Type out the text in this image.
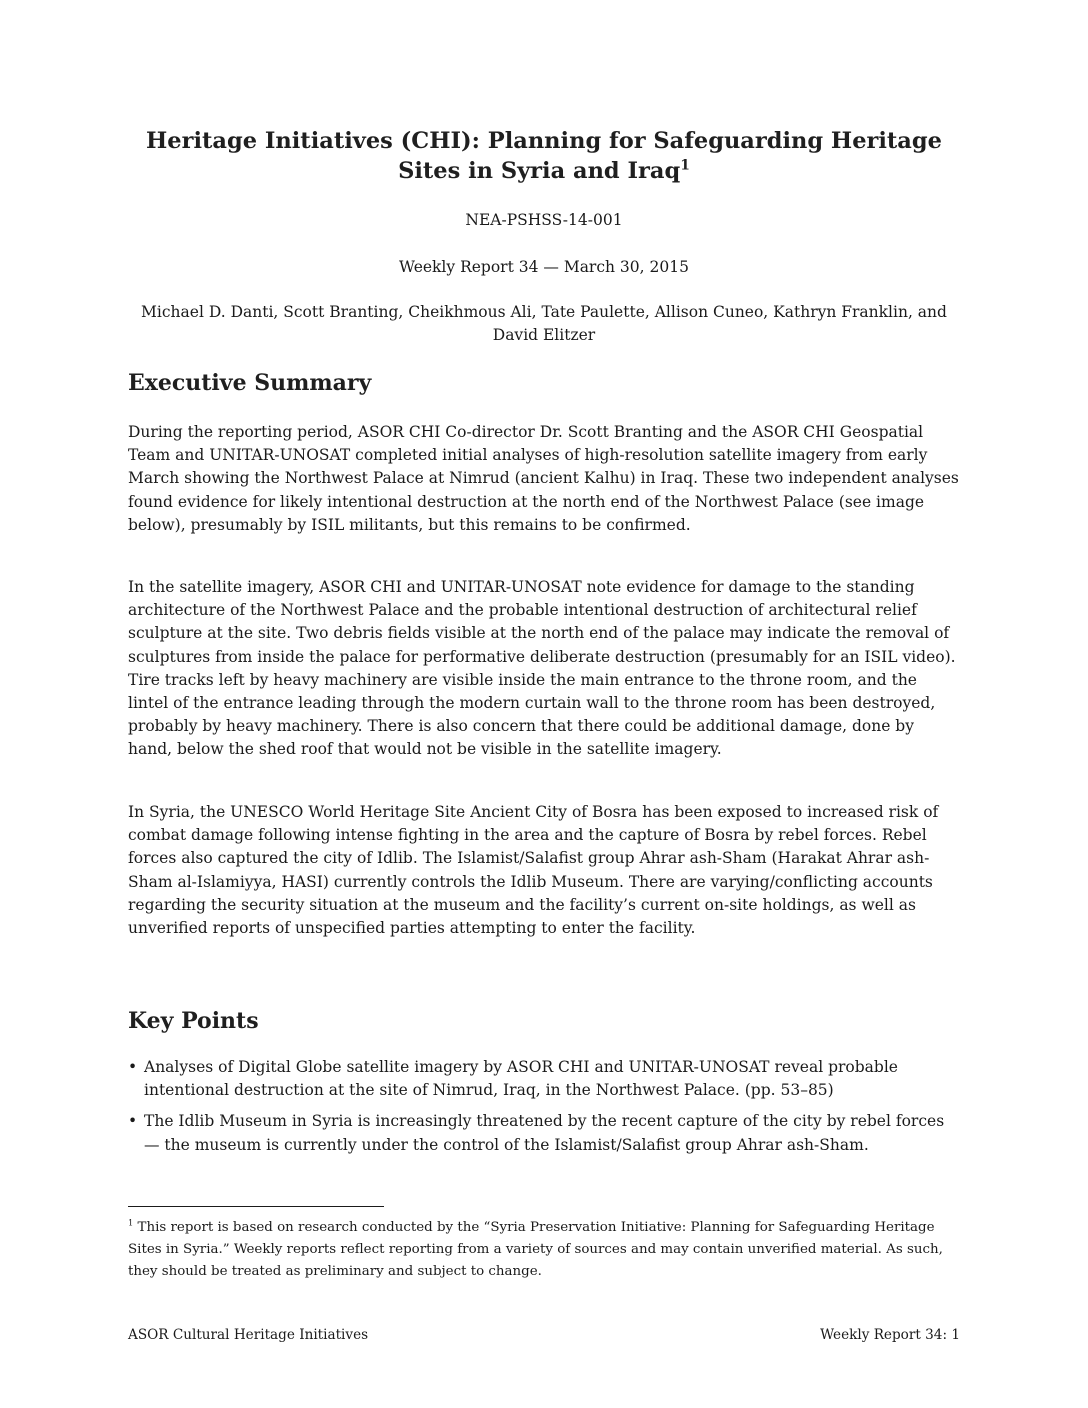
Heritage Initiatives (CHI): Planning for Safeguarding Heritage Sites in Syria and Iraq$^1$

NEA-PSHSS-14-001

Weekly Report 34 — March 30, 2015

Michael D. Danti, Scott Branting, Cheikhmous Ali, Tate Paulette, Allison Cuneo, Kathryn Franklin, and David Elitzer

Executive Summary

During the reporting period, ASOR CHI Co-director Dr. Scott Branting and the ASOR CHI Geospatial Team and UNITAR-UNOSAT completed initial analyses of high-resolution satellite imagery from early March showing the Northwest Palace at Nimrud (ancient Kalhu) in Iraq. These two independent analyses found evidence for likely intentional destruction at the north end of the Northwest Palace (see image below), presumably by ISIL militants, but this remains to be confirmed.

In the satellite imagery, ASOR CHI and UNITAR-UNOSAT note evidence for damage to the standing architecture of the Northwest Palace and the probable intentional destruction of architectural relief sculpture at the site. Two debris fields visible at the north end of the palace may indicate the removal of sculptures from inside the palace for performative deliberate destruction (presumably for an ISIL video). Tire tracks left by heavy machinery are visible inside the main entrance to the throne room, and the lintel of the entrance leading through the modern curtain wall to the throne room has been destroyed, probably by heavy machinery. There is also concern that there could be additional damage, done by hand, below the shed roof that would not be visible in the satellite imagery.

In Syria, the UNESCO World Heritage Site Ancient City of Bosra has been exposed to increased risk of combat damage following intense fighting in the area and the capture of Bosra by rebel forces. Rebel forces also captured the city of Idlib. The Islamist/Salafist group Ahrar ash-Sham (Harakat Ahrar ash-Sham al-Islamiyya, HASI) currently controls the Idlib Museum. There are varying/conflicting accounts regarding the security situation at the museum and the facility’s current on-site holdings, as well as unverified reports of unspecified parties attempting to enter the facility.

Key Points
• Analyses of Digital Globe satellite imagery by ASOR CHI and UNITAR-UNOSAT reveal probable intentional destruction at the site of Nimrud, Iraq, in the Northwest Palace. (pp. 53–85)
• The Idlib Museum in Syria is increasingly threatened by the recent capture of the city by rebel forces — the museum is currently under the control of the Islamist/Salafist group Ahrar ash-Sham.

$^1$ This report is based on research conducted by the “Syria Preservation Initiative: Planning for Safeguarding Heritage Sites in Syria.” Weekly reports reflect reporting from a variety of sources and may contain unverified material. As such, they should be treated as preliminary and subject to change.

ASOR Cultural Heritage Initiatives	Weekly Report 34: 1
